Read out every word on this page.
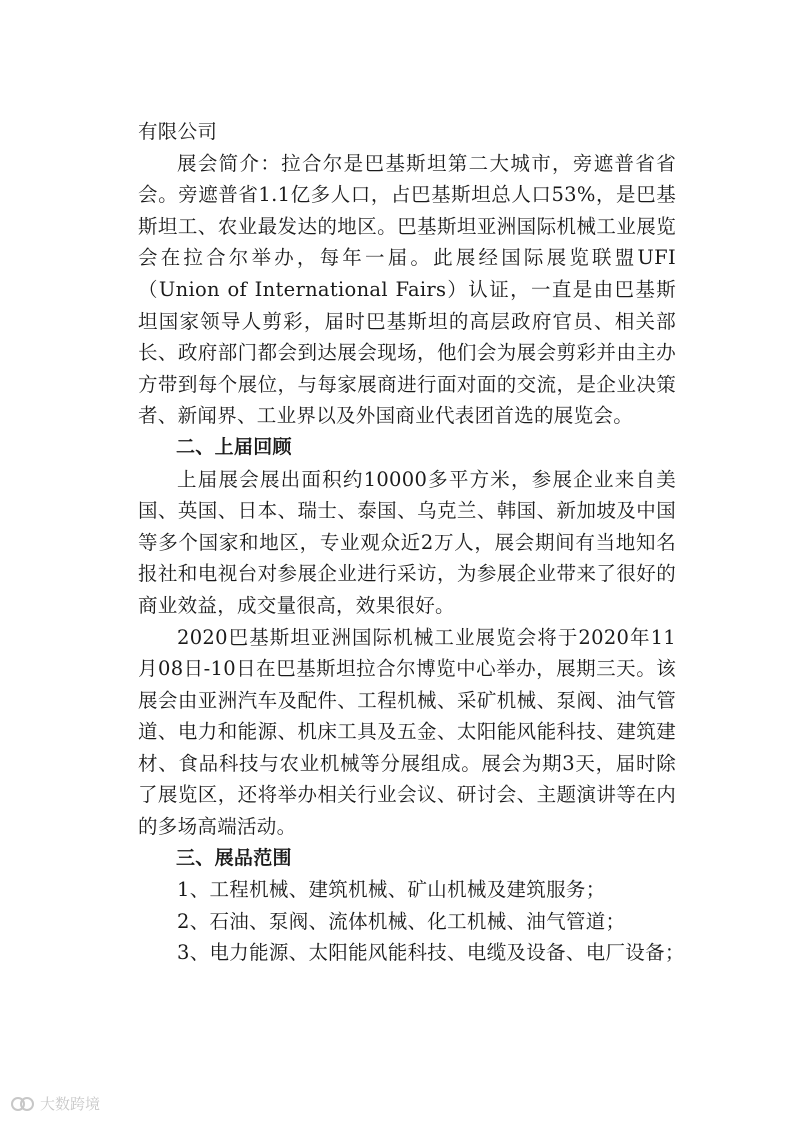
有限公司

展会简介：拉合尔是巴基斯坦第二大城市，旁遮普省省会。旁遮普省1.1亿多人口，占巴基斯坦总人口53%，是巴基斯坦工、农业最发达的地区。巴基斯坦亚洲国际机械工业展览会在拉合尔举办，每年一届。此展经国际展览联盟UFI（Union of International Fairs）认证，一直是由巴基斯坦国家领导人剪彩，届时巴基斯坦的高层政府官员、相关部长、政府部门都会到达展会现场，他们会为展会剪彩并由主办方带到每个展位，与每家展商进行面对面的交流，是企业决策者、新闻界、工业界以及外国商业代表团首选的展览会。

二、上届回顾

上届展会展出面积约10000多平方米，参展企业来自美国、英国、日本、瑞士、泰国、乌克兰、韩国、新加坡及中国等多个国家和地区，专业观众近2万人，展会期间有当地知名报社和电视台对参展企业进行采访，为参展企业带来了很好的商业效益，成交量很高，效果很好。

2020巴基斯坦亚洲国际机械工业展览会将于2020年11月08日-10日在巴基斯坦拉合尔博览中心举办，展期三天。该展会由亚洲汽车及配件、工程机械、采矿机械、泵阀、油气管道、电力和能源、机床工具及五金、太阳能风能科技、建筑建材、食品科技与农业机械等分展组成。展会为期3天，届时除了展览区，还将举办相关行业会议、研讨会、主题演讲等在内的多场高端活动。

三、展品范围

1、工程机械、建筑机械、矿山机械及建筑服务；

2、石油、泵阀、流体机械、化工机械、油气管道；

3、电力能源、太阳能风能科技、电缆及设备、电厂设备；

大数跨境
